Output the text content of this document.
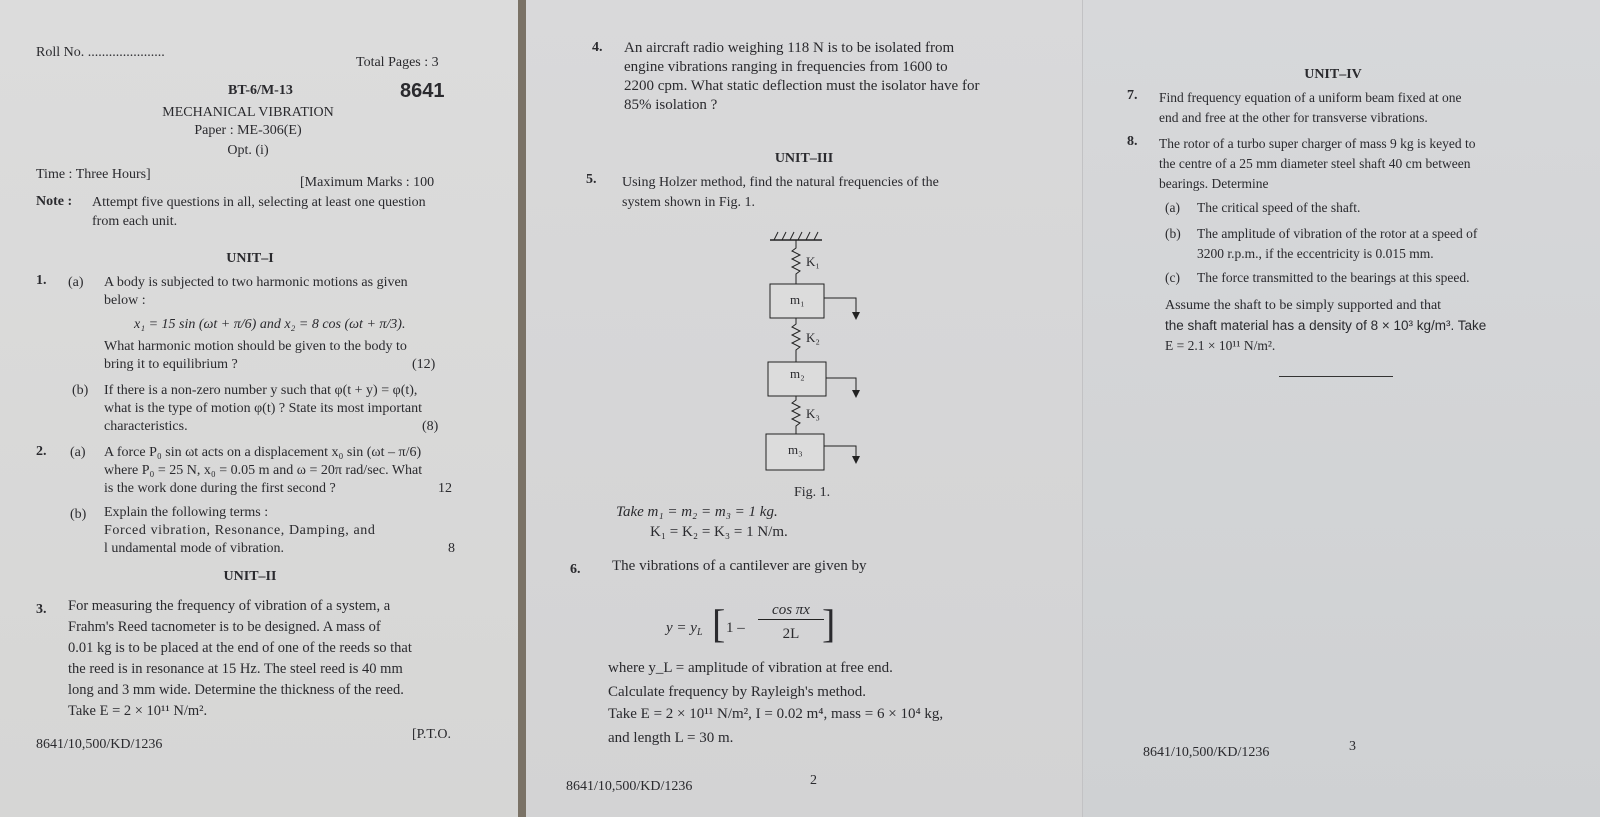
Roll No. ......................
Total Pages : 3
BT-6/M-13	8641
MECHANICAL VIBRATION
Paper : ME-306(E)
Opt. (i)
Time : Three Hours]
[Maximum Marks : 100
Note : Attempt five questions in all, selecting at least one question
from each unit.
UNIT–I
1. (a) A body is subjected to two harmonic motions as given
below :
x₁ = 15 sin (ωt + π/6) and x₂ = 8 cos (ωt + π/3).
What harmonic motion should be given to the body to
bring it to equilibrium ?	(12)
(b) If there is a non-zero number y such that φ(t + y) = φ(t),
what is the type of motion φ(t) ? State its most important
characteristics.	(8)
2. (a) A force P₀ sin ωt acts on a displacement x₀ sin (ωt – π/6)
where P₀ = 25 N, x₀ = 0.05 m and ω = 20π rad/sec. What
is the work done during the first second ?	12
(b) Explain the following terms :
Forced vibration, Resonance, Damping, and
l undamental mode of vibration.	8
UNIT–II
3. For measuring the frequency of vibration of a system, a
Frahm's Reed tacnometer is to be designed. A mass of
0.01 kg is to be placed at the end of one of the reeds so that
the reed is in resonance at 15 Hz. The steel reed is 40 mm
long and 3 mm wide. Determine the thickness of the reed.
Take E = 2 × 10¹¹ N/m².
8641/10,500/KD/1236
[P.T.O.
4. An aircraft radio weighing 118 N is to be isolated from
engine vibrations ranging in frequencies from 1600 to
2200 cpm. What static deflection must the isolator have for
85% isolation ?
UNIT–III
5. Using Holzer method, find the natural frequencies of the
system shown in Fig. 1.
K₁
K₂
K₃
m₁
m₂
m₃
Fig. 1.
Take m₁ = m₂ = m₃ = 1 kg.
K₁ = K₂ = K₃ = 1 N/m.
6. The vibrations of a cantilever are given by
$y = y_L$ [ 1 –
cos πx
2L ]
where y_L = amplitude of vibration at free end.
Calculate frequency by Rayleigh's method.
Take E = 2 × 10¹¹ N/m², I = 0.02 m⁴, mass = 6 × 10⁴ kg,
and length L = 30 m.
8641/10,500/KD/1236	2
UNIT–IV
7. Find frequency equation of a uniform beam fixed at one
end and free at the other for transverse vibrations.
8. The rotor of a turbo super charger of mass 9 kg is keyed to
the centre of a 25 mm diameter steel shaft 40 cm between
bearings. Determine
(a) The critical speed of the shaft.
(b) The amplitude of vibration of the rotor at a speed of
3200 r.p.m., if the eccentricity is 0.015 mm.
(c) The force transmitted to the bearings at this speed.
Assume the shaft to be simply supported and that
the shaft material has a density of 8 × 10³ kg/m³. Take
E = 2.1 × 10¹¹ N/m².
8641/10,500/KD/1236	3
